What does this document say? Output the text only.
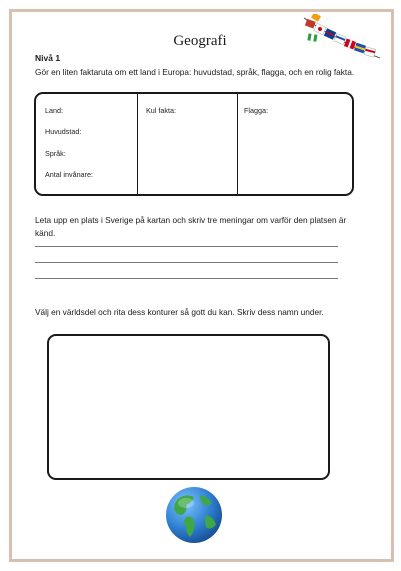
Geografi
Nivå 1
Gör en liten faktaruta om ett land i Europa: huvudstad, språk, flagga, och en rolig fakta.
Land:
Huvudstad:
Språk:
Antal invånare:
Kul fakta:	Flagga:
Leta upp en plats i Sverige på kartan och skriv tre meningar om varför den platsen är känd.
Välj en världsdel och rita dess konturer så gott du kan. Skriv dess namn under.
